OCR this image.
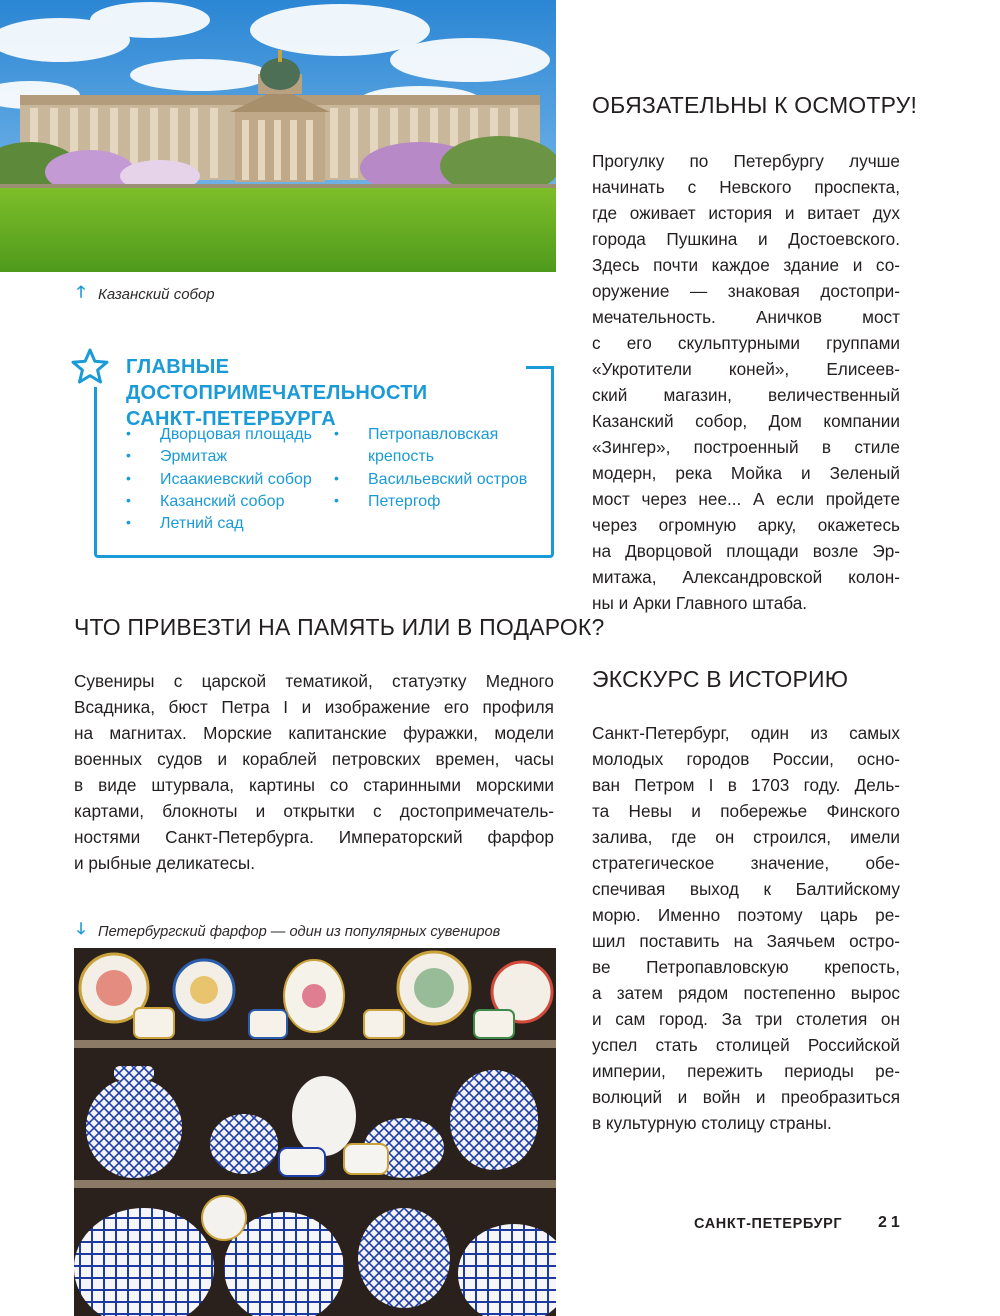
🡑 Казанский собор
ГЛАВНЫЕ ДОСТОПРИМЕЧАТЕЛЬНОСТИ
САНКТ-ПЕТЕРБУРГА
• Дворцовая площадь
• Эрмитаж
• Исаакиевский собор
• Казанский собор
• Летний сад
• Петропавловская
крепость
• Васильевский остров
• Петергоф
ОБЯЗАТЕЛЬНЫ К ОСМОТРУ!
Прогулку по Петербургу лучше
начинать с Невского проспекта,
где оживает история и витает дух
города Пушкина и Достоевского.
Здесь почти каждое здание и со-
оружение — знаковая достопри-
мечательность. Аничков мост
с его скульптурными группами
«Укротители коней», Елисеев-
ский магазин, величественный
Казанский собор, Дом компании
«Зингер», построенный в стиле
модерн, река Мойка и Зеленый
мост через нее... А если пройдете
через огромную арку, окажетесь
на Дворцовой площади возле Эр-
митажа, Александровской колон-
ны и Арки Главного штаба.
ЧТО ПРИВЕЗТИ НА ПАМЯТЬ ИЛИ В ПОДАРОК?
Сувениры с царской тематикой, статуэтку Медного
Всадника, бюст Петра I и изображение его профиля
на магнитах. Морские капитанские фуражки, модели
военных судов и кораблей петровских времен, часы
в виде штурвала, картины со старинными морскими
картами, блокноты и открытки с достопримечатель-
ностями Санкт-Петербурга. Императорский фарфор
и рыбные деликатесы.
ЭКСКУРС В ИСТОРИЮ
Санкт-Петербург, один из самых
молодых городов России, осно-
ван Петром I в 1703 году. Дель-
та Невы и побережье Финского
залива, где он строился, имели
стратегическое значение, обе-
спечивая выход к Балтийскому
морю. Именно поэтому царь ре-
шил поставить на Заячьем остро-
ве Петропавловскую крепость,
а затем рядом постепенно вырос
и сам город. За три столетия он
успел стать столицей Российской
империи, пережить периоды ре-
волюций и войн и преобразиться
в культурную столицу страны.
🡓 Петербургский фарфор — один из популярных сувениров
САНКТ-ПЕТЕРБУРГ 21
